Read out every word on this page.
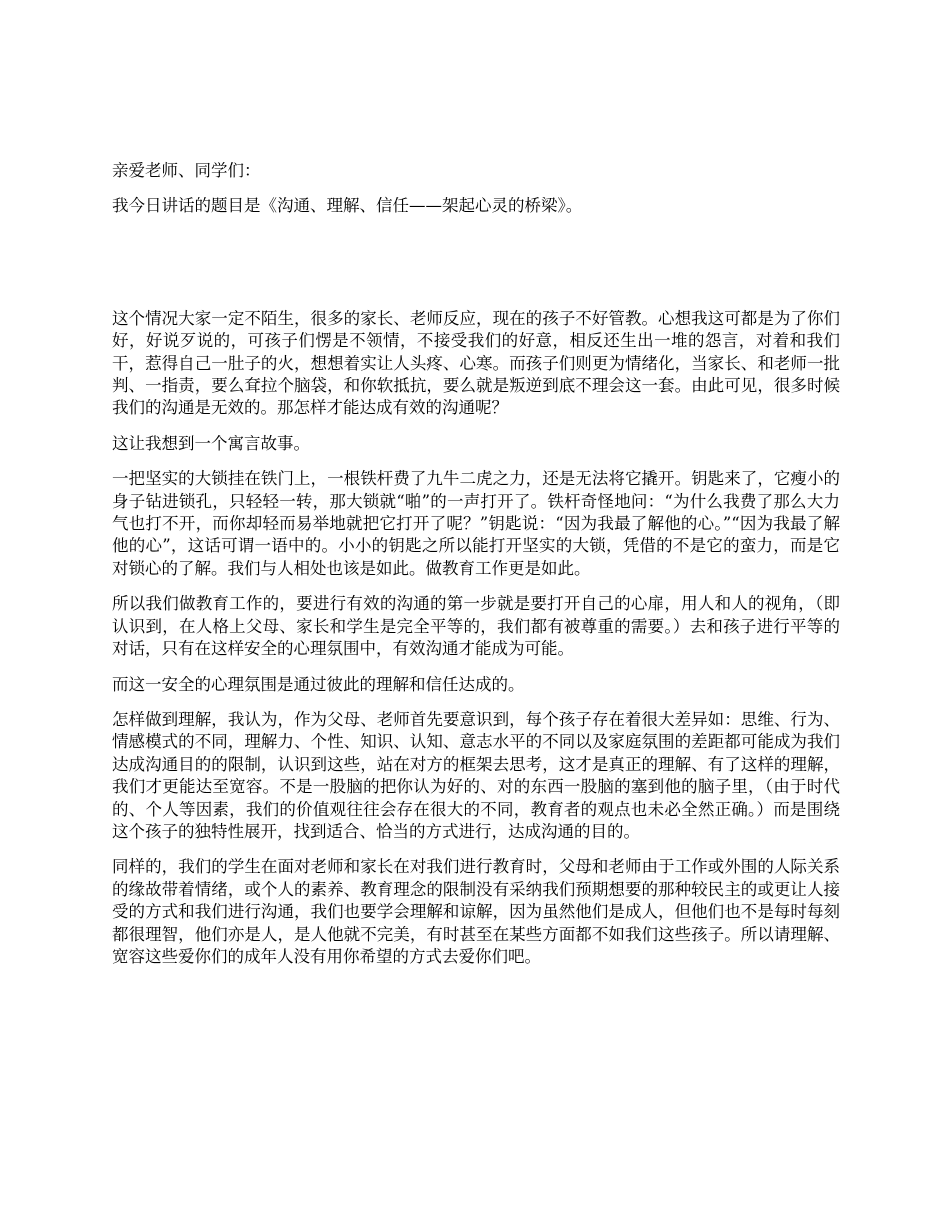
亲爱老师、同学们：

我今日讲话的题目是《沟通、理解、信任——架起心灵的桥梁》。

这个情况大家一定不陌生，很多的家长、老师反应，现在的孩子不好管教。心想我这可都是为了你们好，好说歹说的，可孩子们愣是不领情，不接受我们的好意，相反还生出一堆的怨言，对着和我们干，惹得自己一肚子的火，想想着实让人头疼、心寒。而孩子们则更为情绪化，当家长、和老师一批判、一指责，要么耷拉个脑袋，和你软抵抗，要么就是叛逆到底不理会这一套。由此可见，很多时候我们的沟通是无效的。那怎样才能达成有效的沟通呢？

这让我想到一个寓言故事。

一把坚实的大锁挂在铁门上，一根铁杆费了九牛二虎之力，还是无法将它撬开。钥匙来了，它瘦小的身子钻进锁孔，只轻轻一转，那大锁就“啪”的一声打开了。铁杆奇怪地问：“为什么我费了那么大力气也打不开，而你却轻而易举地就把它打开了呢？”钥匙说：“因为我最了解他的心。”“因为我最了解他的心”，这话可谓一语中的。小小的钥匙之所以能打开坚实的大锁，凭借的不是它的蛮力，而是它对锁心的了解。我们与人相处也该是如此。做教育工作更是如此。

所以我们做教育工作的，要进行有效的沟通的第一步就是要打开自己的心扉，用人和人的视角，（即认识到，在人格上父母、家长和学生是完全平等的，我们都有被尊重的需要。）去和孩子进行平等的对话，只有在这样安全的心理氛围中，有效沟通才能成为可能。

而这一安全的心理氛围是通过彼此的理解和信任达成的。

怎样做到理解，我认为，作为父母、老师首先要意识到，每个孩子存在着很大差异如：思维、行为、情感模式的不同，理解力、个性、知识、认知、意志水平的不同以及家庭氛围的差距都可能成为我们达成沟通目的的限制，认识到这些，站在对方的框架去思考，这才是真正的理解、有了这样的理解，我们才更能达至宽容。不是一股脑的把你认为好的、对的东西一股脑的塞到他的脑子里，（由于时代的、个人等因素，我们的价值观往往会存在很大的不同，教育者的观点也未必全然正确。）而是围绕这个孩子的独特性展开，找到适合、恰当的方式进行，达成沟通的目的。

同样的，我们的学生在面对老师和家长在对我们进行教育时，父母和老师由于工作或外围的人际关系的缘故带着情绪，或个人的素养、教育理念的限制没有采纳我们预期想要的那种较民主的或更让人接受的方式和我们进行沟通，我们也要学会理解和谅解，因为虽然他们是成人，但他们也不是每时每刻都很理智，他们亦是人，是人他就不完美，有时甚至在某些方面都不如我们这些孩子。所以请理解、宽容这些爱你们的成年人没有用你希望的方式去爱你们吧。
